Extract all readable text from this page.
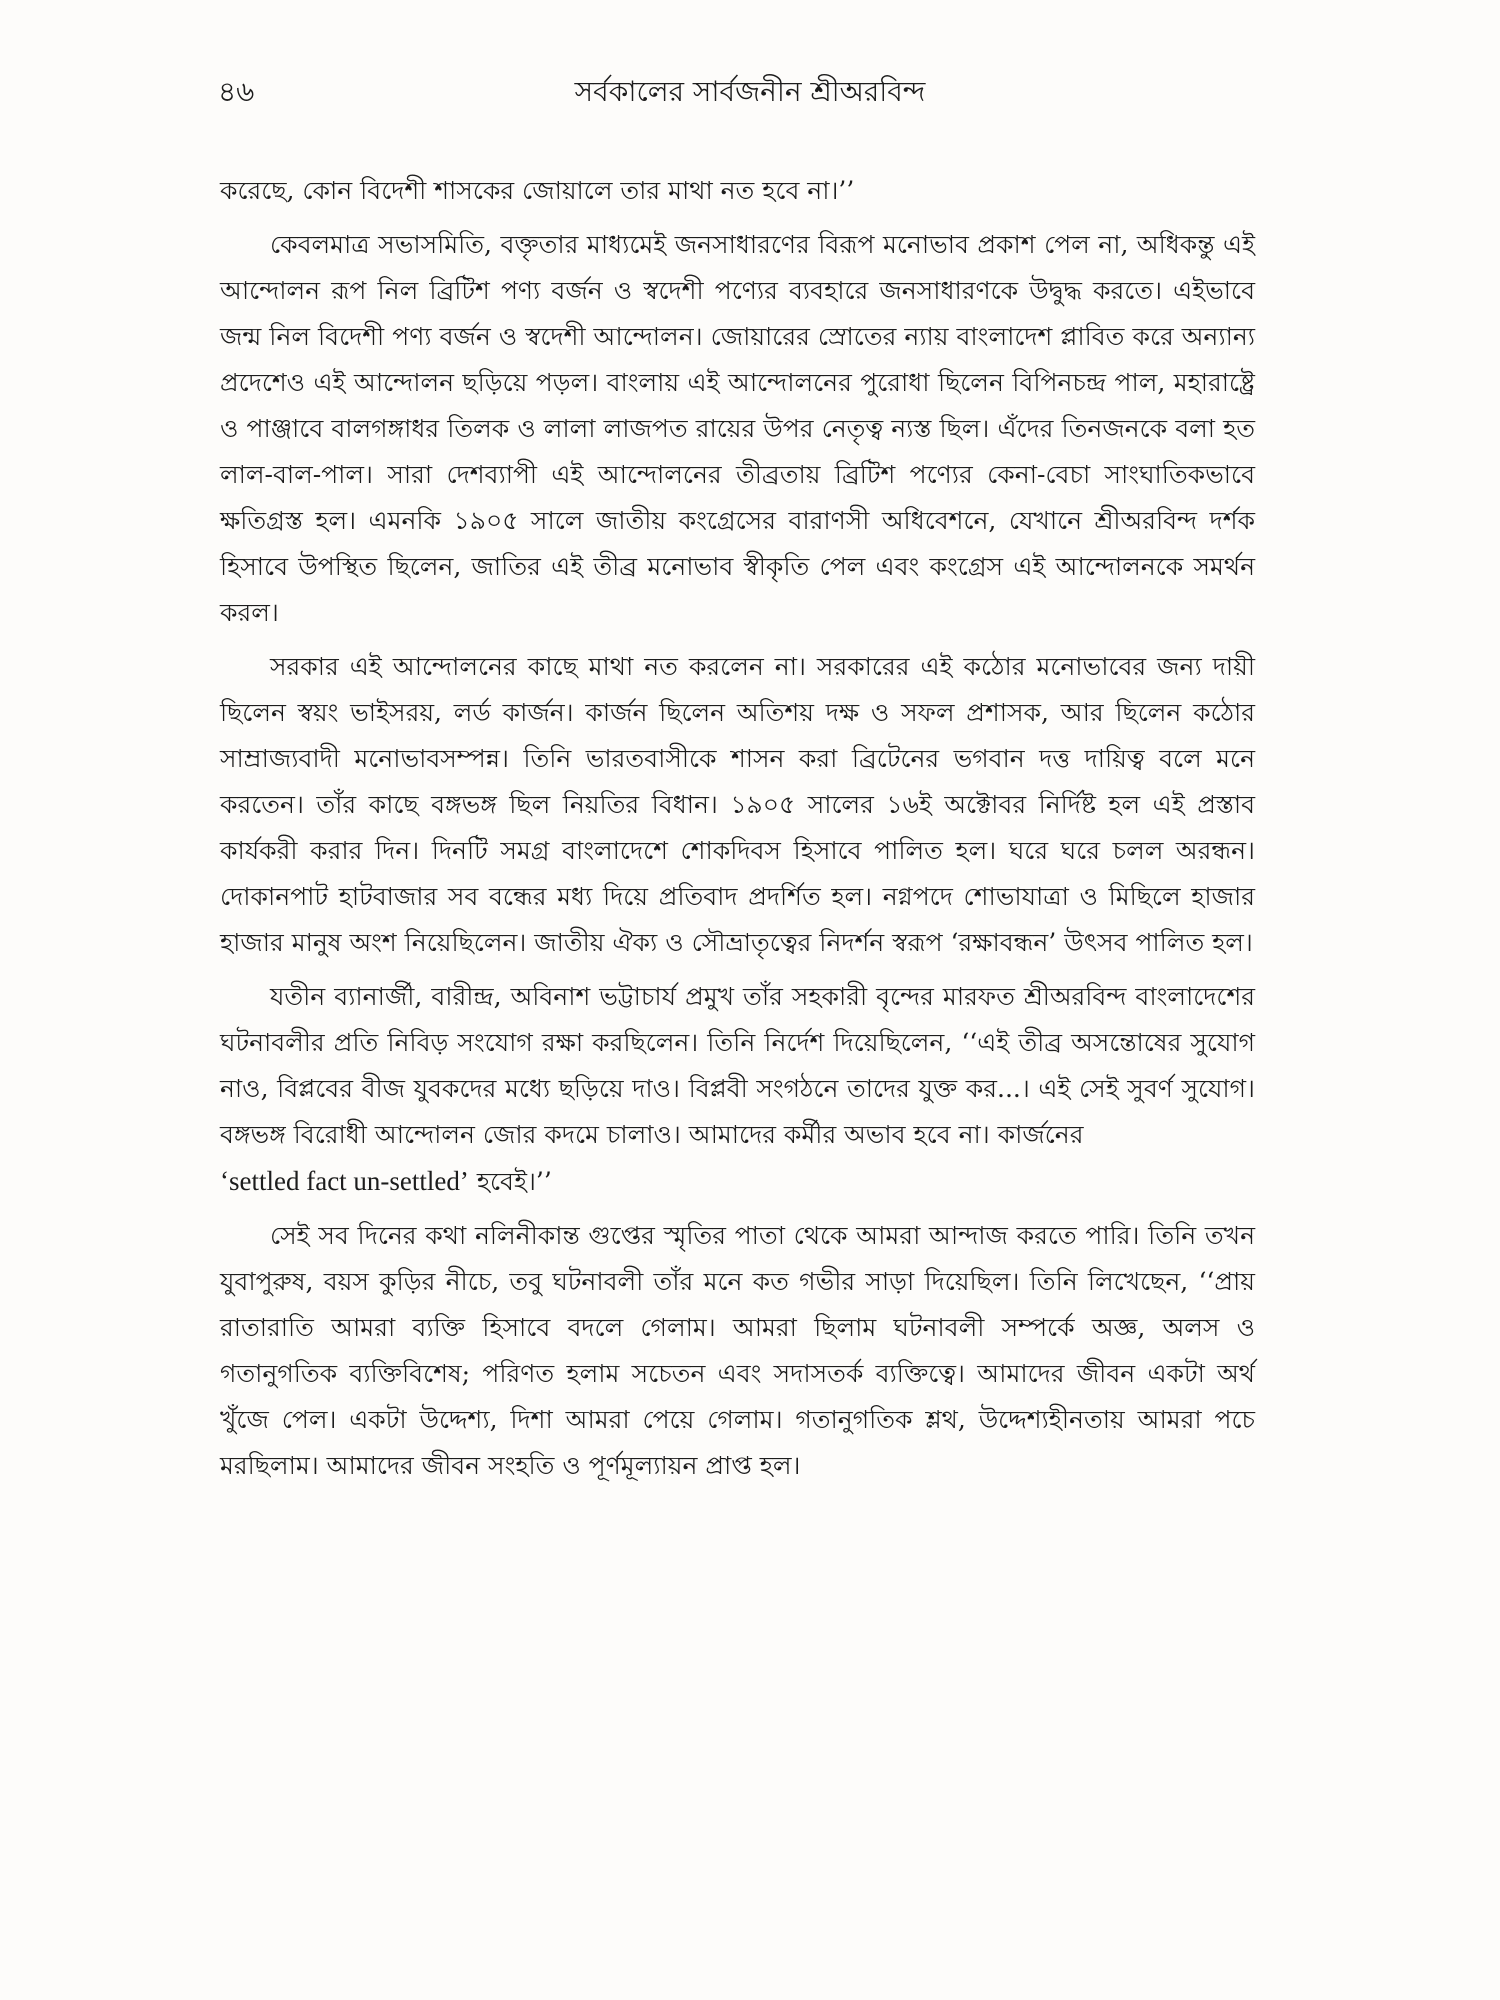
৪৬	সর্বকালের সার্বজনীন শ্রীঅরবিন্দ

করেছে, কোন বিদেশী শাসকের জোয়ালে তার মাথা নত হবে না।’’

কেবলমাত্র সভাসমিতি, বক্তৃতার মাধ্যমেই জনসাধারণের বিরূপ মনোভাব প্রকাশ পেল না, অধিকন্তু এই আন্দোলন রূপ নিল ব্রিটিশ পণ্য বর্জন ও স্বদেশী পণ্যের ব্যবহারে জনসাধারণকে উদ্বুদ্ধ করতে। এইভাবে জন্ম নিল বিদেশী পণ্য বর্জন ও স্বদেশী আন্দোলন। জোয়ারের স্রোতের ন্যায় বাংলাদেশ প্লাবিত করে অন্যান্য প্রদেশেও এই আন্দোলন ছড়িয়ে পড়ল। বাংলায় এই আন্দোলনের পুরোধা ছিলেন বিপিনচন্দ্র পাল, মহারাষ্ট্রে ও পাঞ্জাবে বালগঙ্গাধর তিলক ও লালা লাজপত রায়ের উপর নেতৃত্ব ন্যস্ত ছিল। এঁদের তিনজনকে বলা হত লাল-বাল-পাল। সারা দেশব্যাপী এই আন্দোলনের তীব্রতায় ব্রিটিশ পণ্যের কেনা-বেচা সাংঘাতিকভাবে ক্ষতিগ্রস্ত হল। এমনকি ১৯০৫ সালে জাতীয় কংগ্রেসের বারাণসী অধিবেশনে, যেখানে শ্রীঅরবিন্দ দর্শক হিসাবে উপস্থিত ছিলেন, জাতির এই তীব্র মনোভাব স্বীকৃতি পেল এবং কংগ্রেস এই আন্দোলনকে সমর্থন করল।

সরকার এই আন্দোলনের কাছে মাথা নত করলেন না। সরকারের এই কঠোর মনোভাবের জন্য দায়ী ছিলেন স্বয়ং ভাইসরয়, লর্ড কার্জন। কার্জন ছিলেন অতিশয় দক্ষ ও সফল প্রশাসক, আর ছিলেন কঠোর সাম্রাজ্যবাদী মনোভাবসম্পন্ন। তিনি ভারতবাসীকে শাসন করা ব্রিটেনের ভগবান দত্ত দায়িত্ব বলে মনে করতেন। তাঁর কাছে বঙ্গভঙ্গ ছিল নিয়তির বিধান। ১৯০৫ সালের ১৬ই অক্টোবর নির্দিষ্ট হল এই প্রস্তাব কার্যকরী করার দিন। দিনটি সমগ্র বাংলাদেশে শোকদিবস হিসাবে পালিত হল। ঘরে ঘরে চলল অরন্ধন। দোকানপাট হাটবাজার সব বন্ধের মধ্য দিয়ে প্রতিবাদ প্রদর্শিত হল। নগ্নপদে শোভাযাত্রা ও মিছিলে হাজার হাজার মানুষ অংশ নিয়েছিলেন। জাতীয় ঐক্য ও সৌভ্রাতৃত্বের নিদর্শন স্বরূপ ‘রক্ষাবন্ধন’ উৎসব পালিত হল।

যতীন ব্যানার্জী, বারীন্দ্র, অবিনাশ ভট্টাচার্য প্রমুখ তাঁর সহকারী বৃন্দের মারফত শ্রীঅরবিন্দ বাংলাদেশের ঘটনাবলীর প্রতি নিবিড় সংযোগ রক্ষা করছিলেন। তিনি নির্দেশ দিয়েছিলেন, ‘‘এই তীব্র অসন্তোষের সুযোগ নাও, বিপ্লবের বীজ যুবকদের মধ্যে ছড়িয়ে দাও। বিপ্লবী সংগঠনে তাদের যুক্ত কর...। এই সেই সুবর্ণ সুযোগ। বঙ্গভঙ্গ বিরোধী আন্দোলন জোর কদমে চালাও। আমাদের কর্মীর অভাব হবে না। কার্জনের
‘settled fact un-settled’ হবেই।’’

সেই সব দিনের কথা নলিনীকান্ত গুপ্তের স্মৃতির পাতা থেকে আমরা আন্দাজ করতে পারি। তিনি তখন যুবাপুরুষ, বয়স কুড়ির নীচে, তবু ঘটনাবলী তাঁর মনে কত গভীর সাড়া দিয়েছিল। তিনি লিখেছেন, ‘‘প্রায় রাতারাতি আমরা ব্যক্তি হিসাবে বদলে গেলাম। আমরা ছিলাম ঘটনাবলী সম্পর্কে অজ্ঞ, অলস ও গতানুগতিক ব্যক্তিবিশেষ; পরিণত হলাম সচেতন এবং সদাসতর্ক ব্যক্তিত্বে। আমাদের জীবন একটা অর্থ খুঁজে পেল। একটা উদ্দেশ্য, দিশা আমরা পেয়ে গেলাম। গতানুগতিক শ্লথ, উদ্দেশ্যহীনতায় আমরা পচে মরছিলাম। আমাদের জীবন সংহতি ও পূর্ণমূল্যায়ন প্রাপ্ত হল।
